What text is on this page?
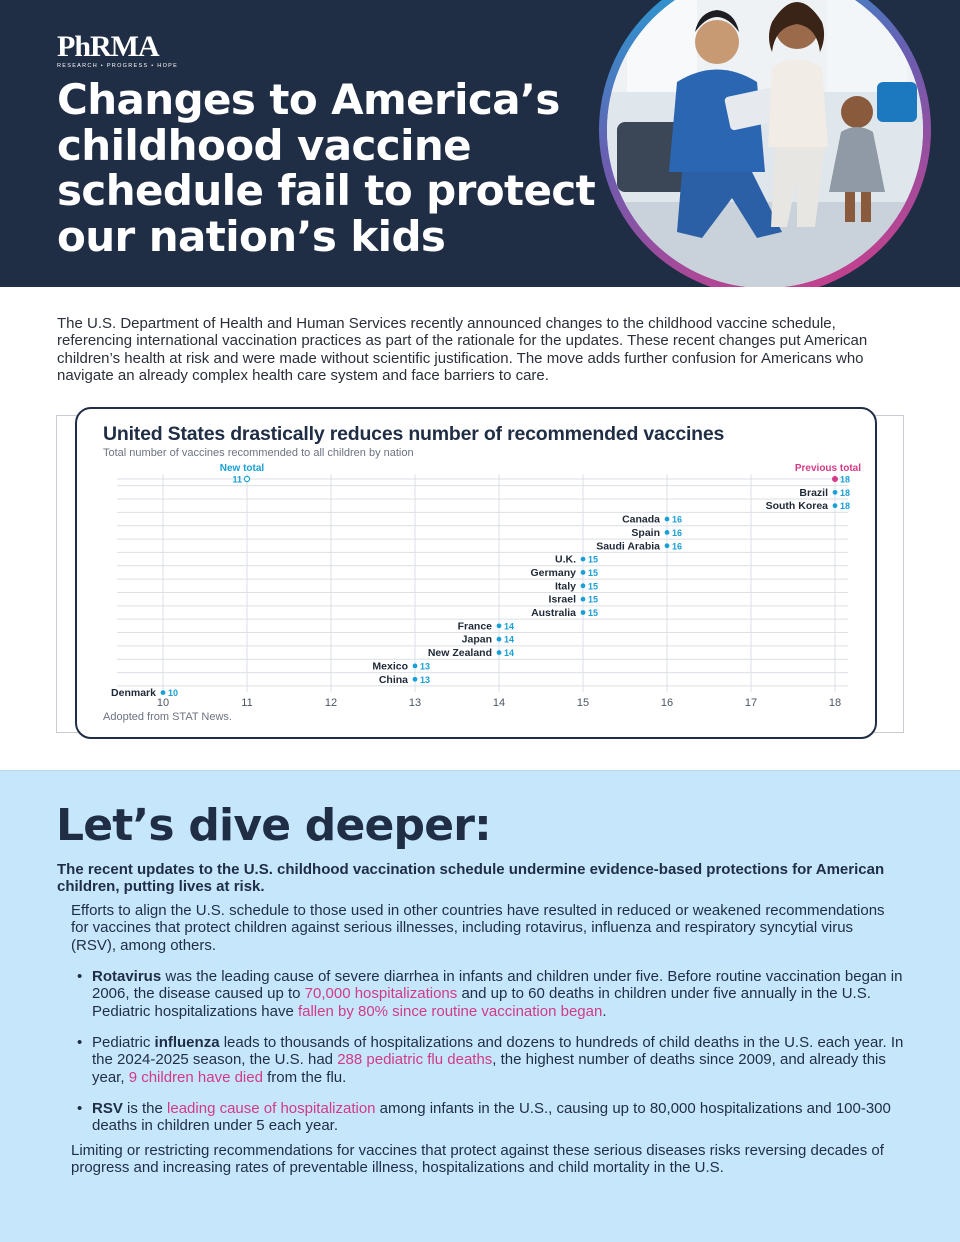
PhRMA
RESEARCH • PROGRESS • HOPE
Changes to America’s childhood vaccine schedule fail to protect our nation’s kids

The U.S. Department of Health and Human Services recently announced changes to the childhood vaccine schedule, referencing international vaccination practices as part of the rationale for the updates. These recent changes put American children’s health at risk and were made without scientific justification. The move adds further confusion for Americans who navigate an already complex health care system and face barriers to care.

United States drastically reduces number of recommended vaccines
Total number of vaccines recommended to all children by nation
10	11	12	13	14	15	16	17	18
New total
11
Previous total
18
Brazil 18
South Korea 18
Canada 16
Spain 16
Saudi Arabia 16
U.K. 15
Germany 15
Italy 15
Israel 15
Australia 15
France 14
Japan 14
New Zealand 14
Mexico 13
China 13
Denmark 10
Adopted from STAT News.
Let’s dive deeper:

The recent updates to the U.S. childhood vaccination schedule undermine evidence-based protections for American children, putting lives at risk.

Efforts to align the U.S. schedule to those used in other countries have resulted in reduced or weakened recommendations for vaccines that protect children against serious illnesses, including rotavirus, influenza and respiratory syncytial virus (RSV), among others.

• Rotavirus was the leading cause of severe diarrhea in infants and children under five. Before routine vaccination began in 2006, the disease caused up to 70,000 hospitalizations and up to 60 deaths in children under five annually in the U.S. Pediatric hospitalizations have fallen by 80% since routine vaccination began.

• Pediatric influenza leads to thousands of hospitalizations and dozens to hundreds of child deaths in the U.S. each year. In the 2024-2025 season, the U.S. had 288 pediatric flu deaths, the highest number of deaths since 2009, and already this year, 9 children have died from the flu.

• RSV is the leading cause of hospitalization among infants in the U.S., causing up to 80,000 hospitalizations and 100-300 deaths in children under 5 each year.

Limiting or restricting recommendations for vaccines that protect against these serious diseases risks reversing decades of progress and increasing rates of preventable illness, hospitalizations and child mortality in the U.S.
